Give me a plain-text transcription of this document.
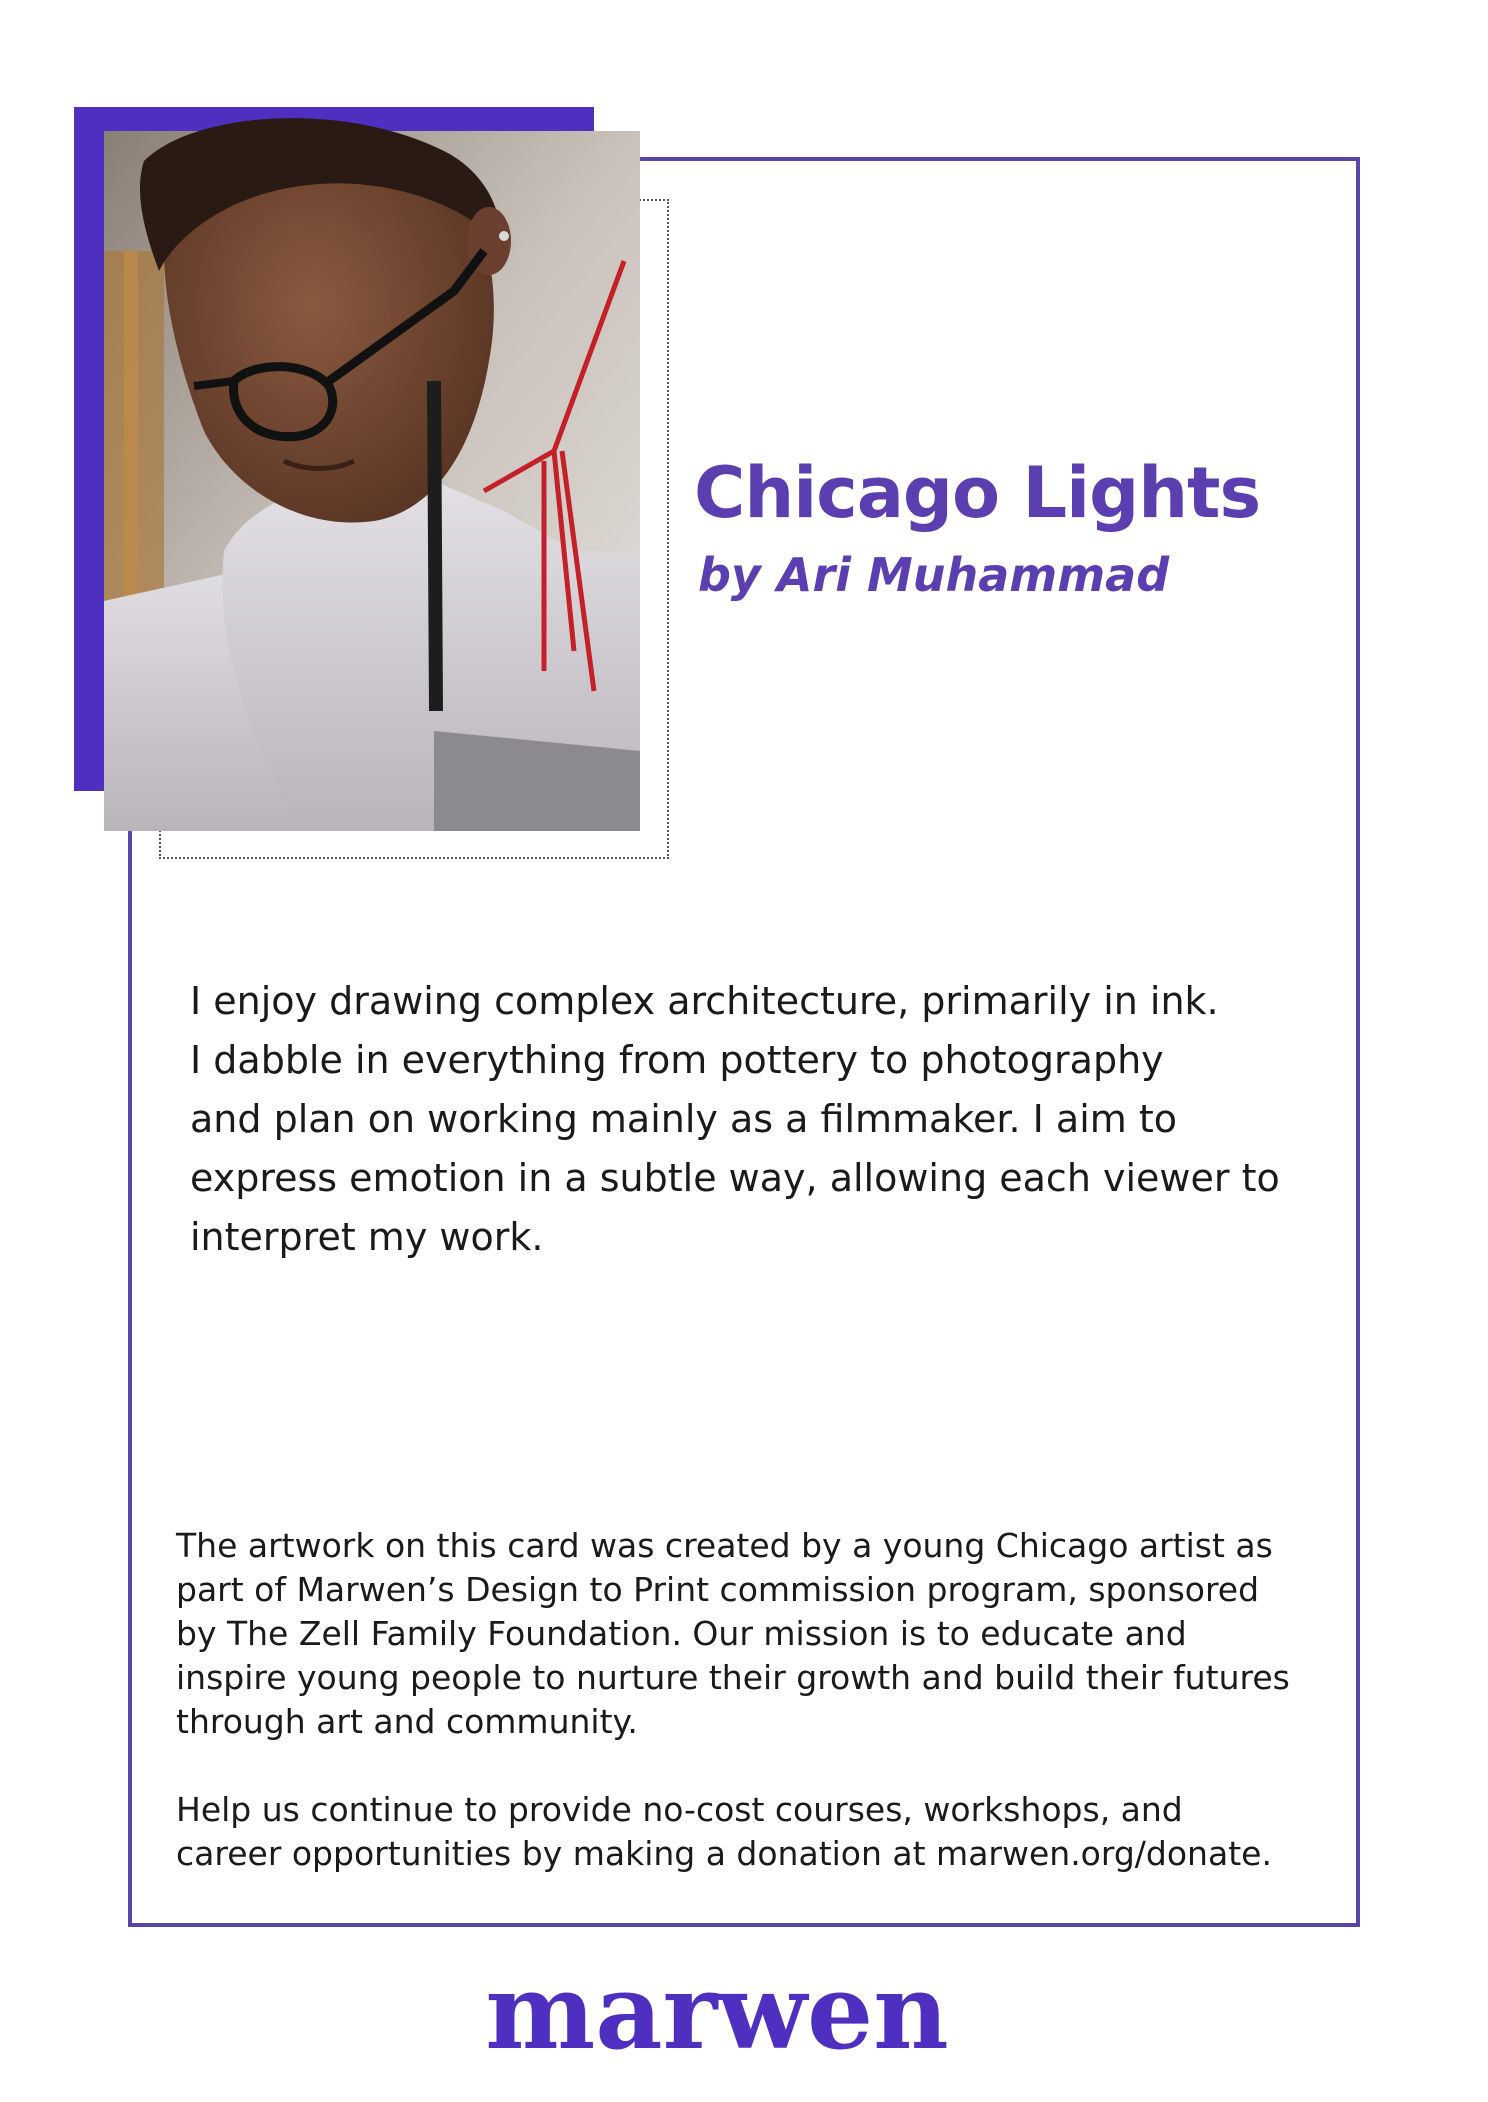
Chicago Lights

by Ari Muhammad

I enjoy drawing complex architecture, primarily in ink.
I dabble in everything from pottery to photography
and plan on working mainly as a filmmaker. I aim to
express emotion in a subtle way, allowing each viewer to
interpret my work.
The artwork on this card was created by a young Chicago artist as
part of Marwen’s Design to Print commission program, sponsored
by The Zell Family Foundation. Our mission is to educate and
inspire young people to nurture their growth and build their futures
through art and community.
Help us continue to provide no-cost courses, workshops, and
career opportunities by making a donation at marwen.org/donate.
marwen
